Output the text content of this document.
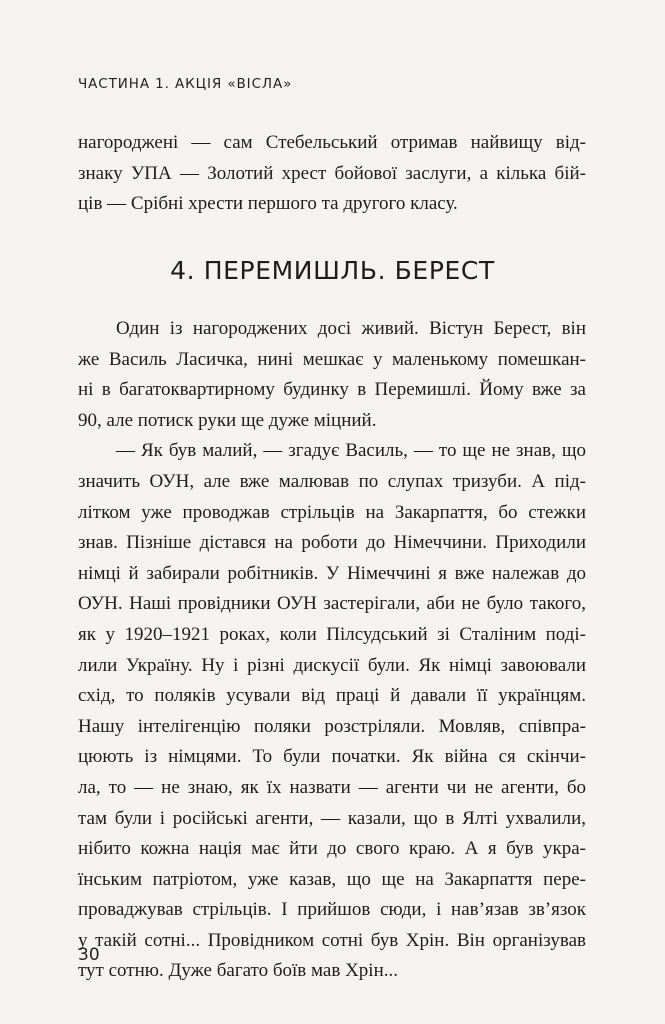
ЧАСТИНА 1. АКЦІЯ «ВІСЛА»
нагороджені — сам Стебельський отримав найвищу від-
знаку УПА — Золотий хрест бойової заслуги, а кілька бій-
ців — Срібні хрести першого та другого класу.
4. ПЕРЕМИШЛЬ. БЕРЕСТ
Один із нагороджених досі живий. Вістун Берест, він
же Василь Ласичка, нині мешкає у маленькому помешкан-
ні в багатоквартирному будинку в Перемишлі. Йому вже за
90, але потиск руки ще дуже міцний.
— Як був малий, — згадує Василь, — то ще не знав, що
значить ОУН, але вже малював по слупах тризуби. А під-
літком уже проводжав стрільців на Закарпаття, бо стежки
знав. Пізніше дістався на роботи до Німеччини. Приходили
німці й забирали робітників. У Німеччині я вже належав до
ОУН. Наші провідники ОУН застерігали, аби не було такого,
як у 1920–1921 роках, коли Пілсудський зі Сталіним поді-
лили Україну. Ну і різні дискусії були. Як німці завоювали
схід, то поляків усували від праці й давали її українцям.
Нашу інтелігенцію поляки розстріляли. Мовляв, співпра-
цюють із німцями. То були початки. Як війна ся скінчи-
ла, то — не знаю, як їх назвати — агенти чи не агенти, бо
там були і російські агенти, — казали, що в Ялті ухвалили,
нібито кожна нація має йти до свого краю. А я був укра-
їнським патріотом, уже казав, що ще на Закарпаття пере-
проваджував стрільців. І прийшов сюди, і нав’язав зв’язок
у такій сотні... Провідником сотні був Хрін. Він організував
тут сотню. Дуже багато боїв мав Хрін...
30
